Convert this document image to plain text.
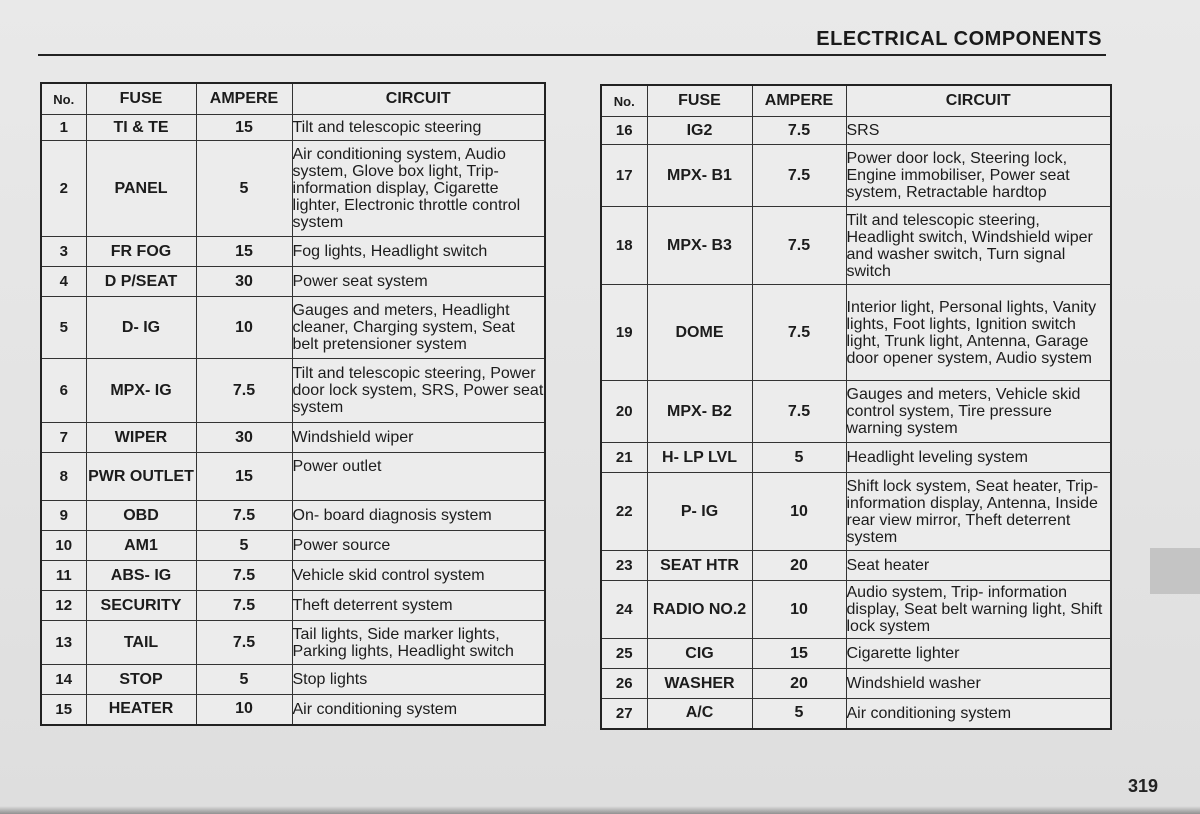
ELECTRICAL COMPONENTS
No.	FUSE	AMPERE	CIRCUIT
1	TI & TE	15	Tilt and telescopic steering
2	PANEL	5	Air conditioning system, Audio system, Glove box light, Trip- information display, Cigarette lighter, Electronic throttle control system
3	FR FOG	15	Fog lights, Headlight switch
4	D P/SEAT	30	Power seat system
5	D- IG	10	Gauges and meters, Headlight cleaner, Charging system, Seat belt pretensioner system
6	MPX- IG	7.5	Tilt and telescopic steering, Power door lock system, SRS, Power seat system
7	WIPER	30	Windshield wiper
8	PWR OUTLET	15	Power outlet
9	OBD	7.5	On- board diagnosis system
10	AM1	5	Power source
11	ABS- IG	7.5	Vehicle skid control system
12	SECURITY	7.5	Theft deterrent system
13	TAIL	7.5	Tail lights, Side marker lights, Parking lights, Headlight switch
14	STOP	5	Stop lights
15	HEATER	10	Air conditioning system
No.	FUSE	AMPERE	CIRCUIT
16	IG2	7.5	SRS
17	MPX- B1	7.5	Power door lock, Steering lock, Engine immobiliser, Power seat system, Retractable hardtop
18	MPX- B3	7.5	Tilt and telescopic steering, Headlight switch, Windshield wiper and washer switch, Turn signal switch
19	DOME	7.5	Interior light, Personal lights, Vanity lights, Foot lights, Ignition switch light, Trunk light, Antenna, Garage door opener system, Audio system
20	MPX- B2	7.5	Gauges and meters, Vehicle skid control system, Tire pressure warning system
21	H- LP LVL	5	Headlight leveling system
22	P- IG	10	Shift lock system, Seat heater, Trip- information display, Antenna, Inside rear view mirror, Theft deterrent system
23	SEAT HTR	20	Seat heater
24	RADIO NO.2	10	Audio system, Trip- information display, Seat belt warning light, Shift lock system
25	CIG	15	Cigarette lighter
26	WASHER	20	Windshield washer
27	A/C	5	Air conditioning system
319
